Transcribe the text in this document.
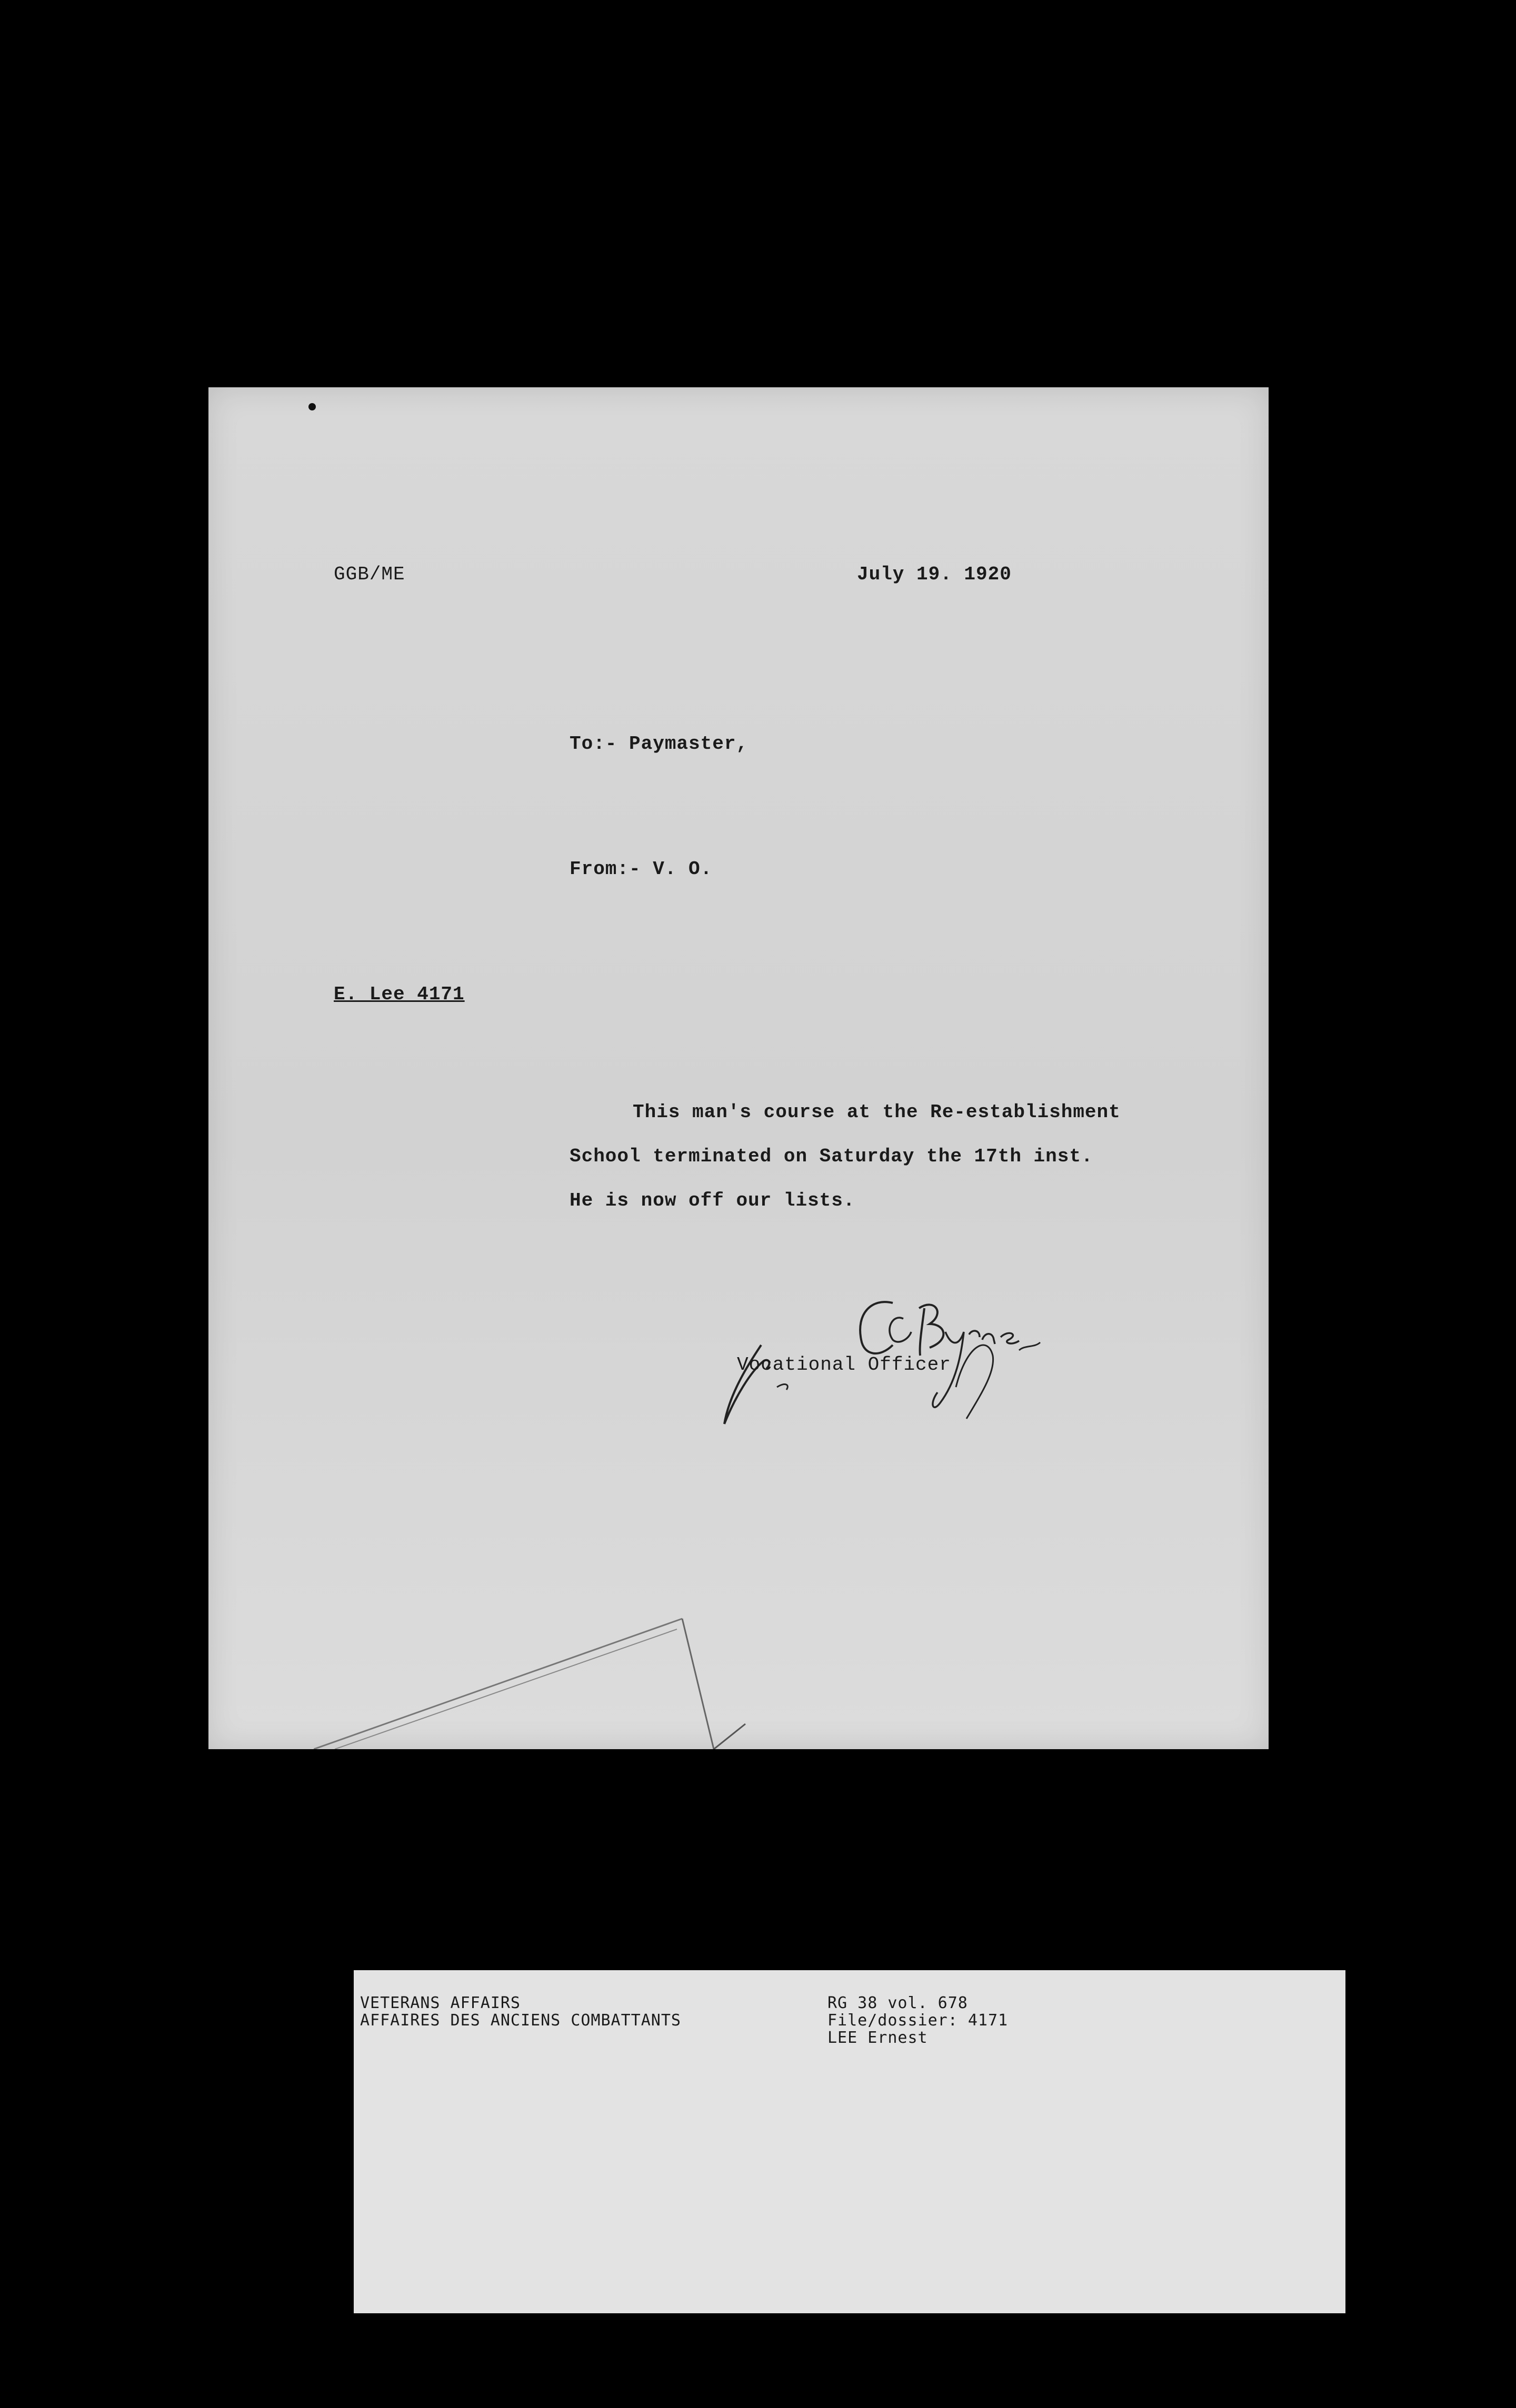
GGB/ME	July 19. 1920
To:- Paymaster,
From:- V. O.
E. Lee 4171
This man's course at the Re-establishment
School terminated on Saturday the 17th inst.
He is now off our lists.
Vocational Officer
VETERANS AFFAIRS
AFFAIRES DES ANCIENS COMBATTANTS
RG 38 vol. 678
File/dossier: 4171
LEE Ernest
